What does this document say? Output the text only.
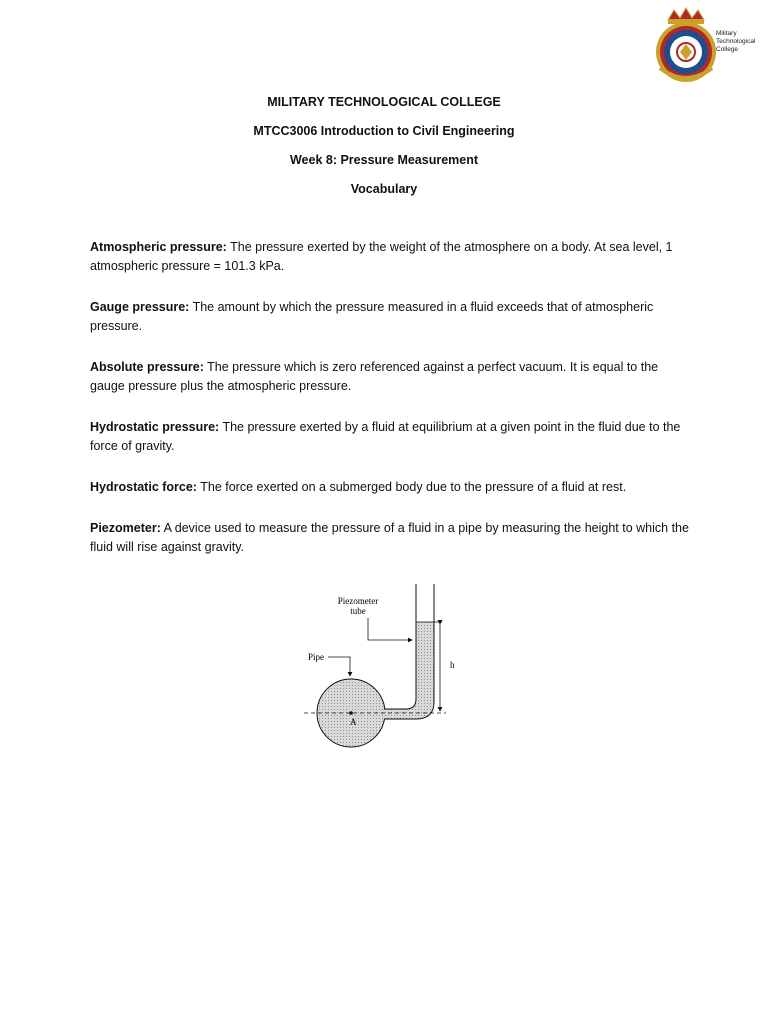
Military
Technological
College
MILITARY TECHNOLOGICAL COLLEGE
MTCC3006 Introduction to Civil Engineering
Week 8: Pressure Measurement
Vocabulary

Atmospheric pressure: The pressure exerted by the weight of the atmosphere on a body. At sea level, 1 atmospheric pressure = 101.3 kPa.

Gauge pressure: The amount by which the pressure measured in a fluid exceeds that of atmospheric pressure.

Absolute pressure: The pressure which is zero referenced against a perfect vacuum. It is equal to the gauge pressure plus the atmospheric pressure.

Hydrostatic pressure: The pressure exerted by a fluid at equilibrium at a given point in the fluid due to the force of gravity.

Hydrostatic force: The force exerted on a submerged body due to the pressure of a fluid at rest.

Piezometer: A device used to measure the pressure of a fluid in a pipe by measuring the height to which the fluid will rise against gravity.

Piezometer
tube
Pipe
h
A
